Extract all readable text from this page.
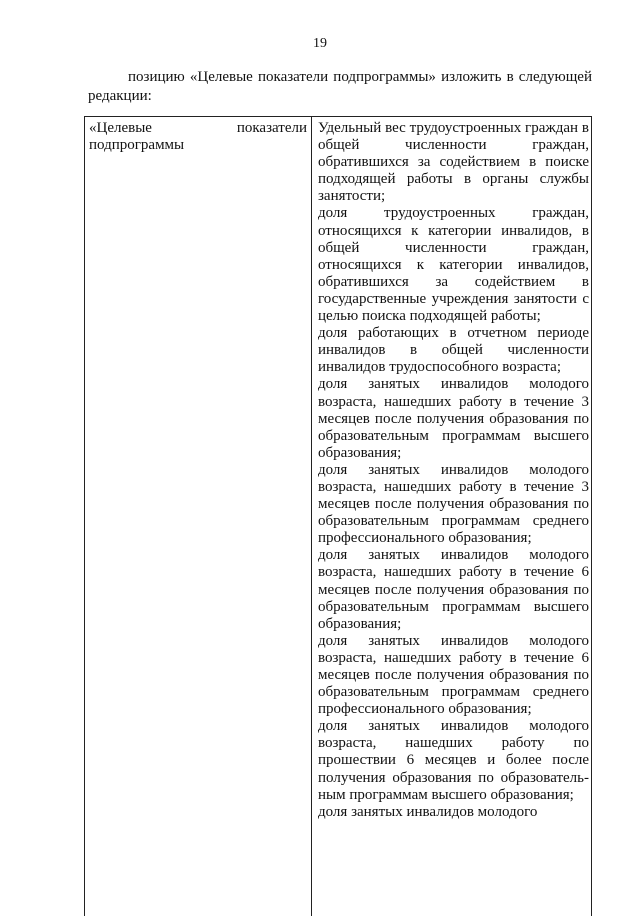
19

позицию «Целевые показатели подпрограммы» изложить в следующей редакции:

«Целевые показатели подпрограммы

Удельный вес трудоустроенных граждан в общей численности граждан, обратившихся за содействием в поиске подходящей работы в органы службы занятости;
доля трудоустроенных граждан, относящихся к категории инвалидов, в общей численности граждан, относящихся к категории инвалидов, обратившихся за содействием в государственные учреждения занятости с целью поиска подходящей работы;
доля работающих в отчетном периоде инвалидов в общей численности инвалидов трудоспособного возраста;
доля занятых инвалидов молодого возраста, нашедших работу в течение 3 месяцев после получения образования по образовательным программам высшего образования;
доля занятых инвалидов молодого возраста, нашедших работу в течение 3 месяцев после получения образования по образовательным программам среднего профессионального образования;
доля занятых инвалидов молодого возраста, нашедших работу в течение 6 месяцев после получения образования по образовательным программам высшего образования;
доля занятых инвалидов молодого возраста, нашедших работу в течение 6 месяцев после получения образования по образовательным программам среднего профессионального образования;
доля занятых инвалидов молодого возраста, нашедших работу по прошествии 6 месяцев и более после получения образования по образователь-ным программам высшего образования;
доля занятых инвалидов молодого
